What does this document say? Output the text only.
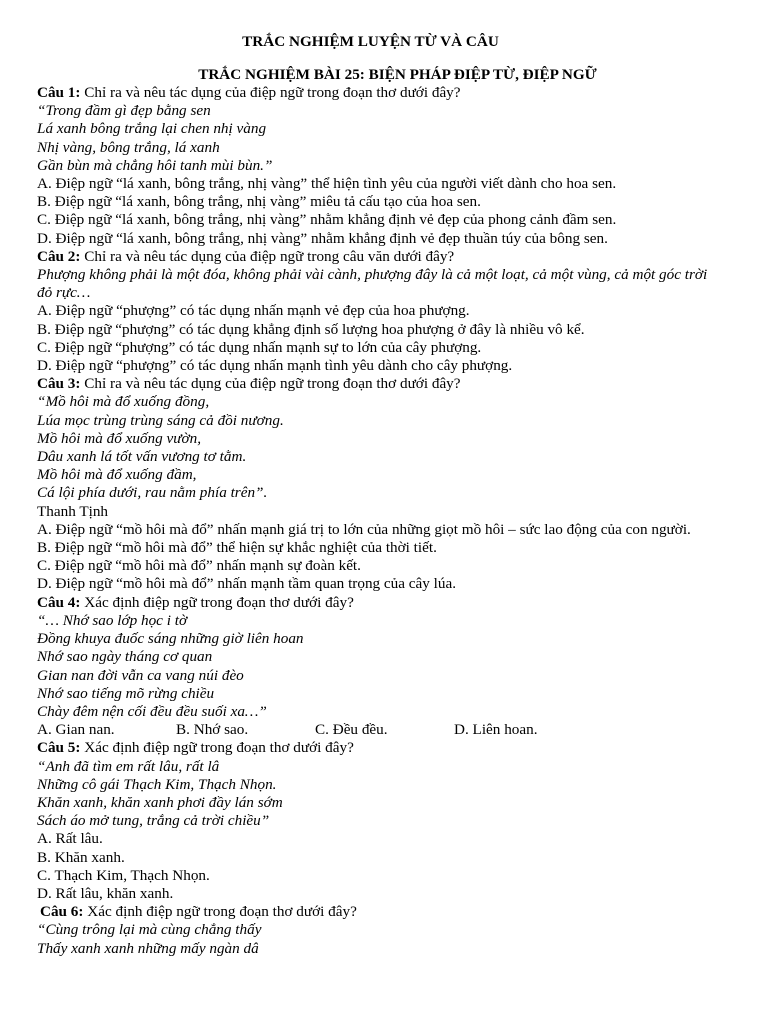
TRẮC NGHIỆM LUYỆN TỪ VÀ CÂU

TRẮC NGHIỆM BÀI 25: BIỆN PHÁP ĐIỆP TỪ, ĐIỆP NGỮ

Câu 1: Chỉ ra và nêu tác dụng của điệp ngữ trong đoạn thơ dưới đây?

“Trong đầm gì đẹp bằng sen

Lá xanh bông trắng lại chen nhị vàng

Nhị vàng, bông trắng, lá xanh

Gần bùn mà chẳng hôi tanh mùi bùn.”

A. Điệp ngữ “lá xanh, bông trắng, nhị vàng” thể hiện tình yêu của người viết dành cho hoa sen.

B. Điệp ngữ “lá xanh, bông trắng, nhị vàng” miêu tả cấu tạo của hoa sen.

C. Điệp ngữ “lá xanh, bông trắng, nhị vàng” nhằm khẳng định vẻ đẹp của phong cảnh đầm sen.

D. Điệp ngữ “lá xanh, bông trắng, nhị vàng” nhằm khẳng định vẻ đẹp thuần túy của bông sen.

Câu 2: Chỉ ra và nêu tác dụng của điệp ngữ trong câu văn dưới đây?

Phượng không phải là một đóa, không phải vài cành, phượng đây là cả một loạt, cả một vùng, cả một góc trời đỏ rực…

A. Điệp ngữ “phượng” có tác dụng nhấn mạnh vẻ đẹp của hoa phượng.

B. Điệp ngữ “phượng” có tác dụng khẳng định số lượng hoa phượng ở đây là nhiều vô kể.

C. Điệp ngữ “phượng” có tác dụng nhấn mạnh sự to lớn của cây phượng.

D. Điệp ngữ “phượng” có tác dụng nhấn mạnh tình yêu dành cho cây phượng.

Câu 3: Chỉ ra và nêu tác dụng của điệp ngữ trong đoạn thơ dưới đây?

“Mồ hôi mà đổ xuống đồng,

Lúa mọc trùng trùng sáng cả đồi nương.

Mồ hôi mà đổ xuống vườn,

Dâu xanh lá tốt vấn vương tơ tằm.

Mồ hôi mà đổ xuống đầm,

Cá lội phía dưới, rau nằm phía trên”.

Thanh Tịnh

A. Điệp ngữ “mồ hôi mà đổ” nhấn mạnh giá trị to lớn của những giọt mồ hôi – sức lao động của con người.

B. Điệp ngữ “mồ hôi mà đổ” thể hiện sự khắc nghiệt của thời tiết.

C. Điệp ngữ “mồ hôi mà đổ” nhấn mạnh sự đoàn kết.

D. Điệp ngữ “mồ hôi mà đổ” nhấn mạnh tầm quan trọng của cây lúa.

Câu 4: Xác định điệp ngữ trong đoạn thơ dưới đây?

“… Nhớ sao lớp học i tờ

Đồng khuya đuốc sáng những giờ liên hoan

Nhớ sao ngày tháng cơ quan

Gian nan đời vẫn ca vang núi đèo

Nhớ sao tiếng mõ rừng chiều

Chày đêm nện cối đều đều suối xa…”

A. Gian nan.	B. Nhớ sao.	C. Đều đều.	D. Liên hoan.

Câu 5: Xác định điệp ngữ trong đoạn thơ dưới đây?

“Anh đã tìm em rất lâu, rất lâ

Những cô gái Thạch Kim, Thạch Nhọn.

Khăn xanh, khăn xanh phơi đầy lán sớm

Sách áo mở tung, trắng cả trời chiều”

A. Rất lâu.

B. Khăn xanh.

C. Thạch Kim, Thạch Nhọn.

D. Rất lâu, khăn xanh.

Câu 6: Xác định điệp ngữ trong đoạn thơ dưới đây?

“Cùng trông lại mà cùng chẳng thấy

Thấy xanh xanh những mấy ngàn dâ
